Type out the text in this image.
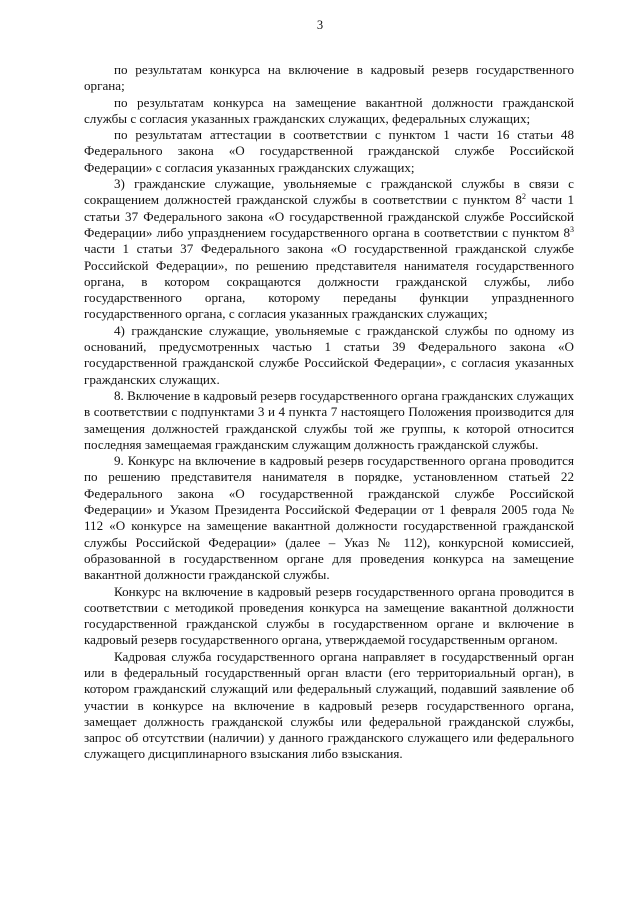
3

по результатам конкурса на включение в кадровый резерв государственного органа;

по результатам конкурса на замещение вакантной должности гражданской службы с согласия указанных гражданских служащих, федеральных служащих;

по результатам аттестации в соответствии с пунктом 1 части 16 статьи 48 Федерального закона «О государственной гражданской службе Российской Федерации» с согласия указанных гражданских служащих;

3) гражданские служащие, увольняемые с гражданской службы в связи с сокращением должностей гражданской службы в соответствии с пунктом $8^2$ части 1 статьи 37 Федерального закона «О государственной гражданской службе Российской Федерации» либо упразднением государственного органа в соответствии с пунктом $8^3$ части 1 статьи 37 Федерального закона «О государственной гражданской службе Российской Федерации», по решению представителя нанимателя государственного органа, в котором сокращаются должности гражданской службы, либо государственного органа, которому переданы функции упраздненного государственного органа, с согласия указанных гражданских служащих;

4) гражданские служащие, увольняемые с гражданской службы по одному из оснований, предусмотренных частью 1 статьи 39 Федерального закона «О государственной гражданской службе Российской Федерации», с согласия указанных гражданских служащих.

8. Включение в кадровый резерв государственного органа гражданских служащих в соответствии с подпунктами 3 и 4 пункта 7 настоящего Положения производится для замещения должностей гражданской службы той же группы, к которой относится последняя замещаемая гражданским служащим должность гражданской службы.

9. Конкурс на включение в кадровый резерв государственного органа проводится по решению представителя нанимателя в порядке, установленном статьей 22 Федерального закона «О государственной гражданской службе Российской Федерации» и Указом Президента Российской Федерации от 1 февраля 2005 года № 112 «О конкурсе на замещение вакантной должности государственной гражданской службы Российской Федерации» (далее – Указ № 112), конкурсной комиссией, образованной в государственном органе для проведения конкурса на замещение вакантной должности гражданской службы.

Конкурс на включение в кадровый резерв государственного органа проводится в соответствии с методикой проведения конкурса на замещение вакантной должности государственной гражданской службы в государственном органе и включение в кадровый резерв государственного органа, утверждаемой государственным органом.

Кадровая служба государственного органа направляет в государственный орган или в федеральный государственный орган власти (его территориальный орган), в котором гражданский служащий или федеральный служащий, подавший заявление об участии в конкурсе на включение в кадровый резерв государственного органа, замещает должность гражданской службы или федеральной гражданской службы, запрос об отсутствии (наличии) у данного гражданского служащего или федерального служащего дисциплинарного взыскания либо взыскания.
